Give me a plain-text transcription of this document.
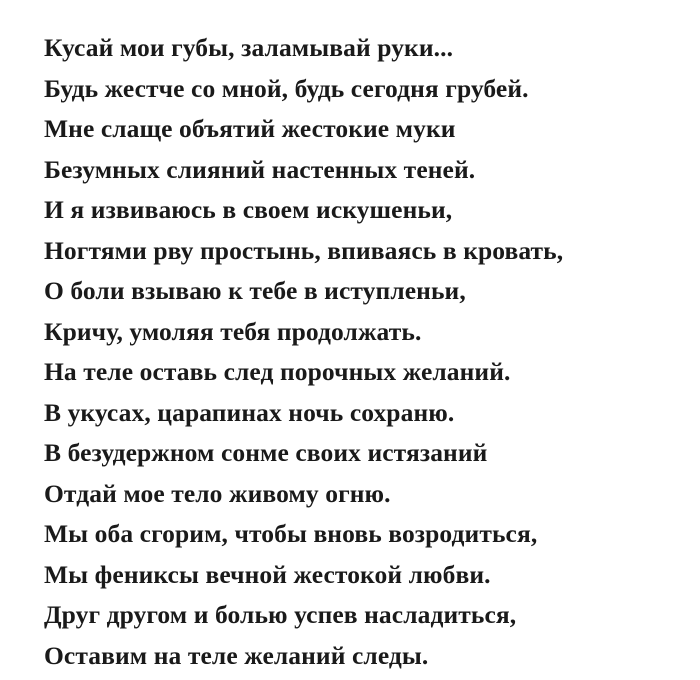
Кусай мои губы, заламывай руки...
Будь жестче со мной, будь сегодня грубей.
Мне слаще объятий жестокие муки
Безумных слияний настенных теней.
И я извиваюсь в своем искушеньи,
Ногтями рву простынь, впиваясь в кровать,
О боли взываю к тебе в иступленьи,
Кричу, умоляя тебя продолжать.
На теле оставь след порочных желаний.
В укусах, царапинах ночь сохраню.
В безудержном сонме своих истязаний
Отдай мое тело живому огню.
Мы оба сгорим, чтобы вновь возродиться,
Мы фениксы вечной жестокой любви.
Друг другом и болью успев насладиться,
Оставим на теле желаний следы.
